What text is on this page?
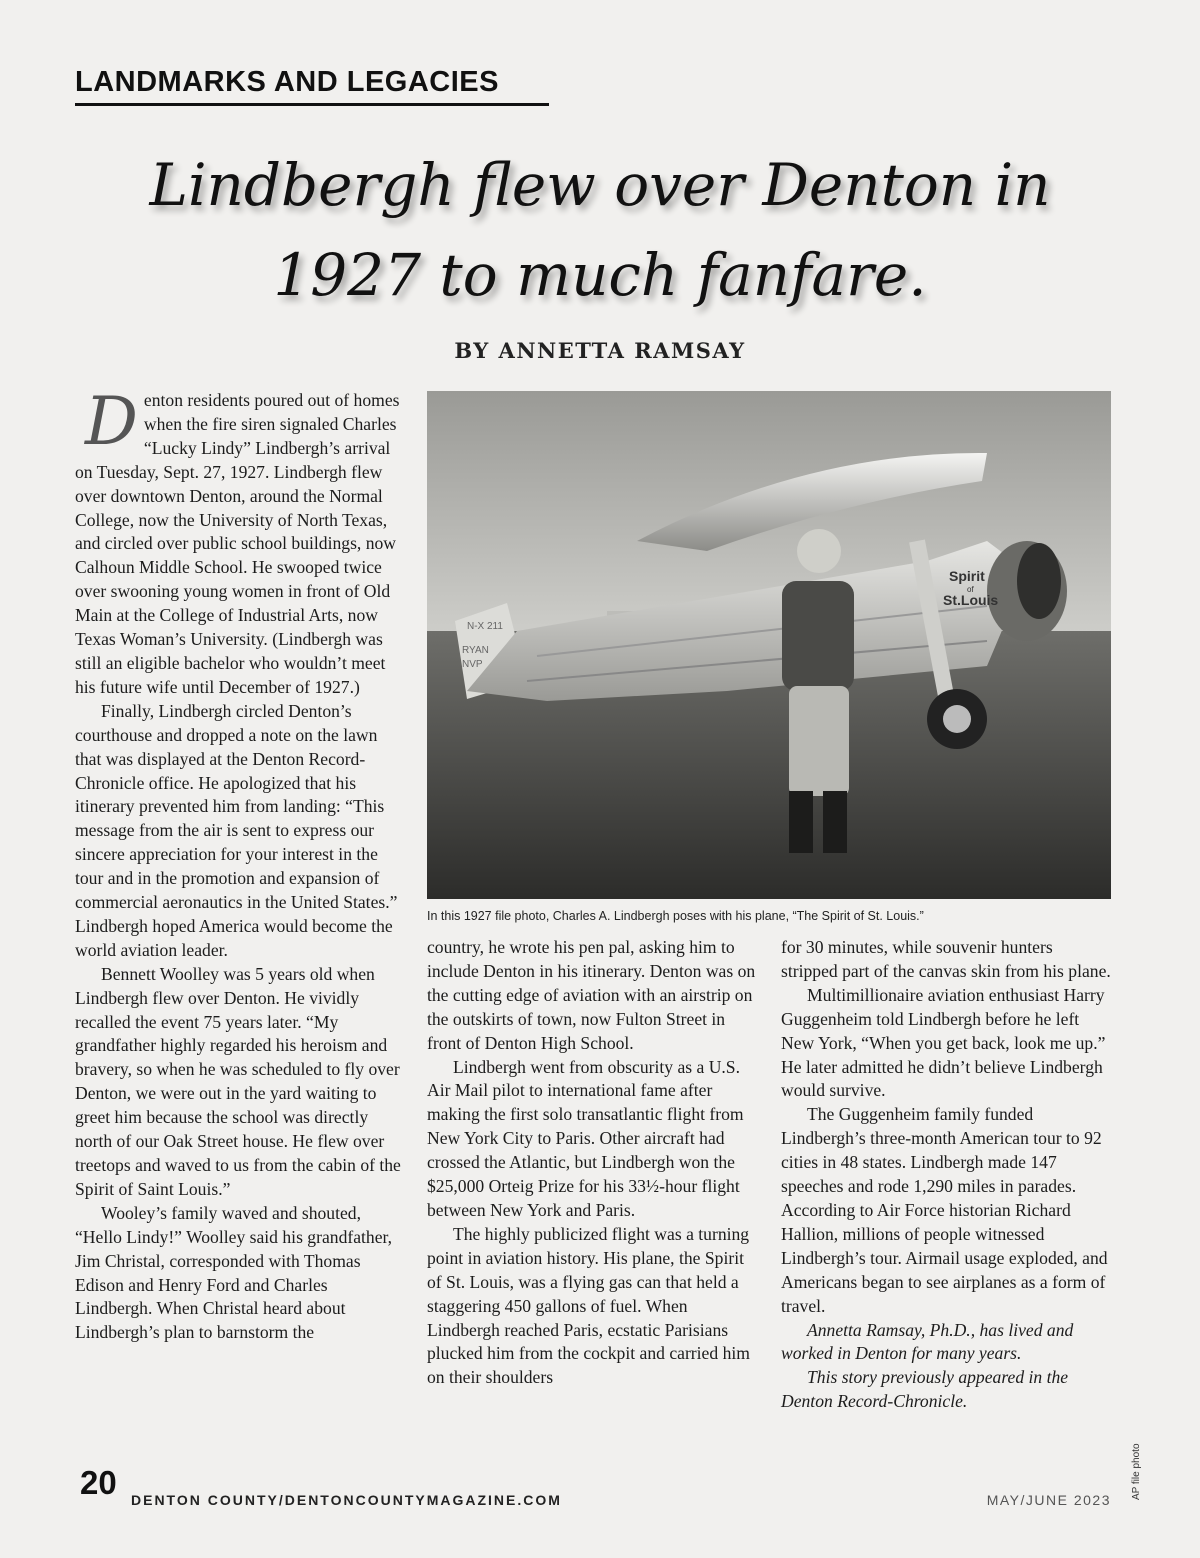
LANDMARKS AND LEGACIES
Lindbergh flew over Denton in
1927 to much fanfare.
BY ANNETTA RAMSAY
N-X 211
RYAN
NVP
Spirit
of
St.Louis
In this 1927 file photo, Charles A. Lindbergh poses with his plane, “The Spirit of St. Louis.”
D enton residents poured out of homes when the fire siren signaled Charles “Lucky Lindy” Lindbergh’s arrival on Tuesday, Sept. 27, 1927. Lindbergh flew over downtown Denton, around the Normal College, now the University of North Texas, and circled over public school buildings, now Calhoun Middle School. He swooped twice over swooning young women in front of Old Main at the College of Industrial Arts, now Texas Woman’s University. (Lindbergh was still an eligible bachelor who wouldn’t meet his future wife until December of 1927.)

Finally, Lindbergh circled Denton’s courthouse and dropped a note on the lawn that was displayed at the Denton Record-Chronicle office. He apologized that his itinerary prevented him from landing: “This message from the air is sent to express our sincere appreciation for your interest in the tour and in the promotion and expansion of commercial aeronautics in the United States.” Lindbergh hoped America would become the world aviation leader.

Bennett Woolley was 5 years old when Lindbergh flew over Denton. He vividly recalled the event 75 years later. “My grandfather highly regarded his heroism and bravery, so when he was scheduled to fly over Denton, we were out in the yard waiting to greet him because the school was directly north of our Oak Street house. He flew over treetops and waved to us from the cabin of the Spirit of Saint Louis.”

Wooley’s family waved and shouted, “Hello Lindy!” Woolley said his grandfather, Jim Christal, corresponded with Thomas Edison and Henry Ford and Charles Lindbergh. When Christal heard about Lindbergh’s plan to barnstorm the

country, he wrote his pen pal, asking him to include Denton in his itinerary. Denton was on the cutting edge of aviation with an airstrip on the outskirts of town, now Fulton Street in front of Denton High School.

Lindbergh went from obscurity as a U.S. Air Mail pilot to international fame after making the first solo transatlantic flight from New York City to Paris. Other aircraft had crossed the Atlantic, but Lindbergh won the $25,000 Orteig Prize for his 33½-hour flight between New York and Paris.

The highly publicized flight was a turning point in aviation history. His plane, the Spirit of St. Louis, was a flying gas can that held a staggering 450 gallons of fuel. When Lindbergh reached Paris, ecstatic Parisians plucked him from the cockpit and carried him on their shoulders

for 30 minutes, while souvenir hunters stripped part of the canvas skin from his plane.

Multimillionaire aviation enthusiast Harry Guggenheim told Lindbergh before he left New York, “When you get back, look me up.” He later admitted he didn’t believe Lindbergh would survive.

The Guggenheim family funded Lindbergh’s three-month American tour to 92 cities in 48 states. Lindbergh made 147 speeches and rode 1,290 miles in parades. According to Air Force historian Richard Hallion, millions of people witnessed Lindbergh’s tour. Airmail usage exploded, and Americans began to see airplanes as a form of travel.

Annetta Ramsay, Ph.D., has lived and worked in Denton for many years.

This story previously appeared in the Denton Record-Chronicle.

AP file photo
20 DENTON COUNTY/DENTONCOUNTYMAGAZINE.COM	MAY/JUNE 2023
